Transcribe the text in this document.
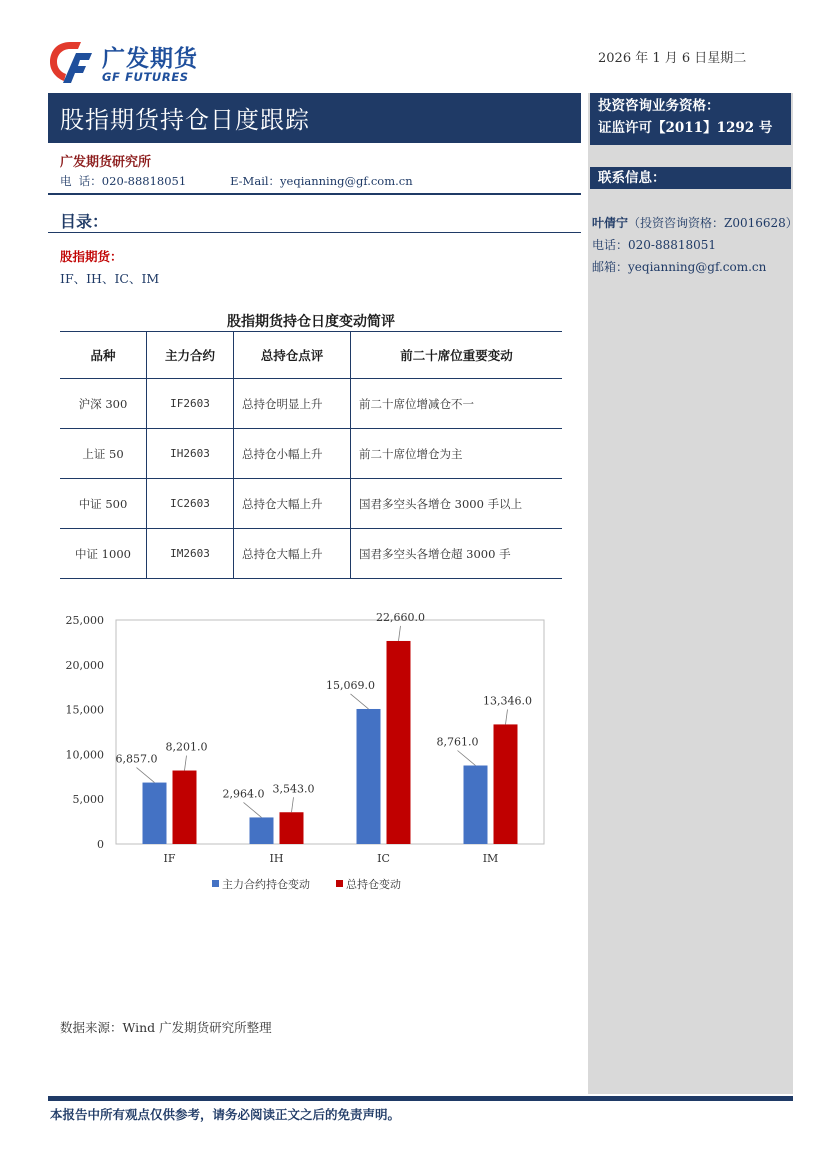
广发期货
GF FUTURES
2026 年 1 月 6 日星期二
股指期货持仓日度跟踪
广发期货研究所
电  话：020-88818051	E-Mail：yeqianning@gf.com.cn
投资咨询业务资格：
证监许可【2011】1292 号
联系信息：
叶倩宁（投资咨询资格：Z0016628）
电话：020-88818051
邮箱：yeqianning@gf.com.cn
目录：
股指期货：
IF、IH、IC、IM
股指期货持仓日度变动简评
品种	主力合约	总持仓点评	前二十席位重要变动
沪深 300	IF2603	总持仓明显上升	前二十席位增减仓不一
上证 50	IH2603	总持仓小幅上升	前二十席位增仓为主
中证 500	IC2603	总持仓大幅上升	国君多空头各增仓 3000 手以上
中证 1000	IM2603	总持仓大幅上升	国君多空头各增仓超 3000 手
0
5,000
10,000
15,000
20,000
25,000
6,857.0
8,201.0
IF
2,964.0 3,543.0
IH
15,069.0
22,660.0
IC
8,761.0
13,346.0
IM
主力合约持仓变动	总持仓变动
数据来源：Wind 广发期货研究所整理
本报告中所有观点仅供参考，请务必阅读正文之后的免责声明。
